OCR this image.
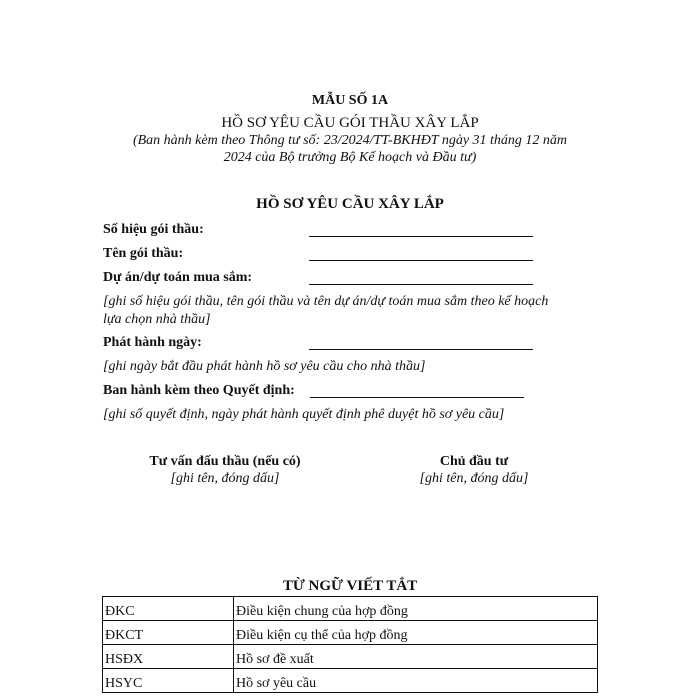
MẪU SỐ 1A
HỒ SƠ YÊU CẦU GÓI THẦU XÂY LẮP
(Ban hành kèm theo Thông tư số: 23/2024/TT-BKHĐT ngày 31 tháng 12 năm
2024 của Bộ trưởng Bộ Kế hoạch và Đầu tư)
HỒ SƠ YÊU CẦU XÂY LẮP
Số hiệu gói thầu:
Tên gói thầu:
Dự án/dự toán mua sắm:
[ghi số hiệu gói thầu, tên gói thầu và tên dự án/dự toán mua sắm theo kế hoạch
lựa chọn nhà thầu]
Phát hành ngày:
[ghi ngày bắt đầu phát hành hồ sơ yêu cầu cho nhà thầu]
Ban hành kèm theo Quyết định:
[ghi số quyết định, ngày phát hành quyết định phê duyệt hồ sơ yêu cầu]
Tư vấn đấu thầu (nếu có)
[ghi tên, đóng dấu]
Chủ đầu tư
[ghi tên, đóng dấu]
TỪ NGỮ VIẾT TẮT
ĐKC	Điều kiện chung của hợp đồng
ĐKCT	Điều kiện cụ thể của hợp đồng
HSĐX	Hồ sơ đề xuất
HSYC	Hồ sơ yêu cầu
